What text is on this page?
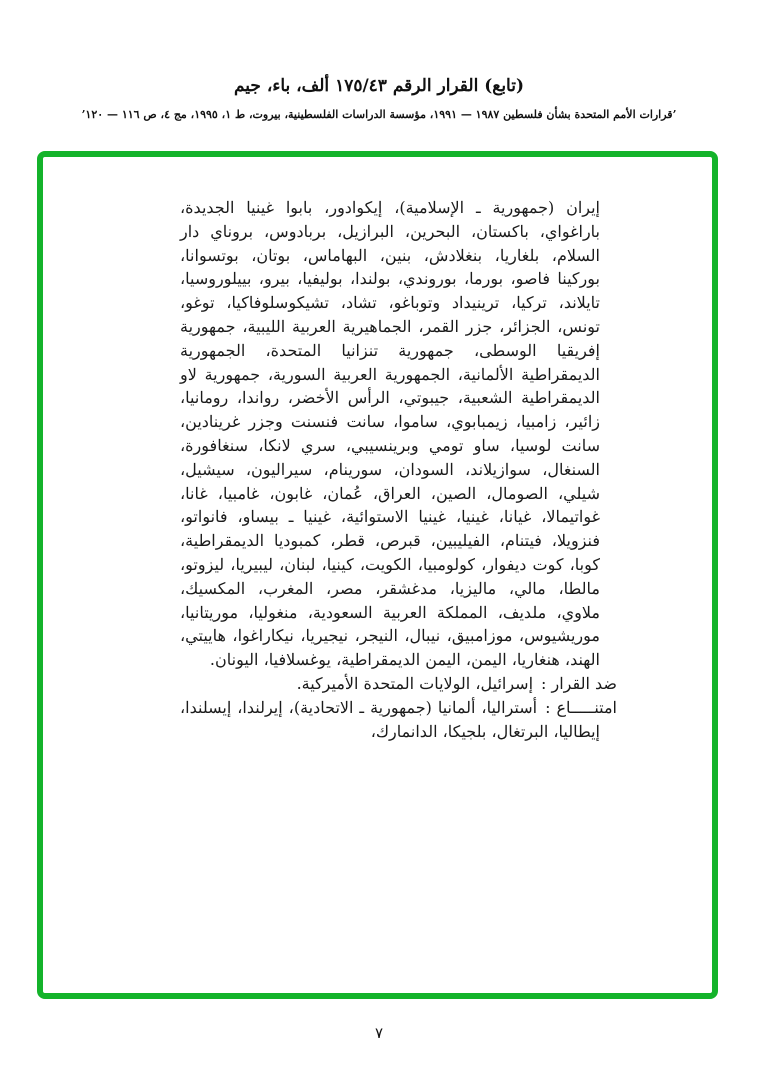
(تابع) القرار الرقم ١٧٥/٤٣ ألف، باء، جيم
’قرارات الأمم المتحدة بشأن فلسطين ١٩٨٧ — ١٩٩١، مؤسسة الدراسات الفلسطينية، بيروت، ط ١، ١٩٩٥، مج ٤، ص ١١٦ — ١٢٠’

إيران (جمهورية ـ الإسلامية)، إيكوادور، بابوا غينيا الجديدة، باراغواي، باكستان، البحرين، البرازيل، بربادوس، بروناي دار السلام، بلغاريا، بنغلادش، بنين، البهاماس، بوتان، بوتسوانا، بوركينا فاصو، بورما، بوروندي، بولندا، بوليفيا، بيرو، بييلوروسيا، تايلاند، تركيا، ترينيداد وتوباغو، تشاد، تشيكوسلوفاكيا، توغو، تونس، الجزائر، جزر القمر، الجماهيرية العربية الليبية، جمهورية إفريقيا الوسطى، جمهورية تنزانيا المتحدة، الجمهورية الديمقراطية الألمانية، الجمهورية العربية السورية، جمهورية لاو الديمقراطية الشعبية، جيبوتي، الرأس الأخضر، رواندا، رومانيا، زائير، زامبيا، زيمبابوي، ساموا، سانت فنسنت وجزر غرينادين، سانت لوسيا، ساو تومي وبرينسيبي، سري لانكا، سنغافورة، السنغال، سوازيلاند، السودان، سورينام، سيراليون، سيشيل، شيلي، الصومال، الصين، العراق، عُمان، غابون، غامبيا، غانا، غواتيمالا، غيانا، غينيا، غينيا الاستوائية، غينيا ـ بيساو، فانواتو، فنزويلا، فيتنام، الفيليبين، قبرص، قطر، كمبوديا الديمقراطية، كوبا، كوت ديفوار، كولومبيا، الكويت، كينيا، لبنان، ليبيريا، ليزوتو، مالطا، مالي، ماليزيا، مدغشقر، مصر، المغرب، المكسيك، ملاوي، ملديف، المملكة العربية السعودية، منغوليا، موريتانيا، موريشيوس، موزامبيق، نيبال، النيجر، نيجيريا، نيكاراغوا، هاييتي، الهند، هنغاريا، اليمن، اليمن الديمقراطية، يوغسلافيا، اليونان.

ضد القرار :إسرائيل، الولايات المتحدة الأميركية.
امتنـــــاع :أستراليا، ألمانيا (جمهورية ـ الاتحادية)، إيرلندا، إيسلندا، إيطاليا، البرتغال، بلجيكا، الدانمارك،
٧
